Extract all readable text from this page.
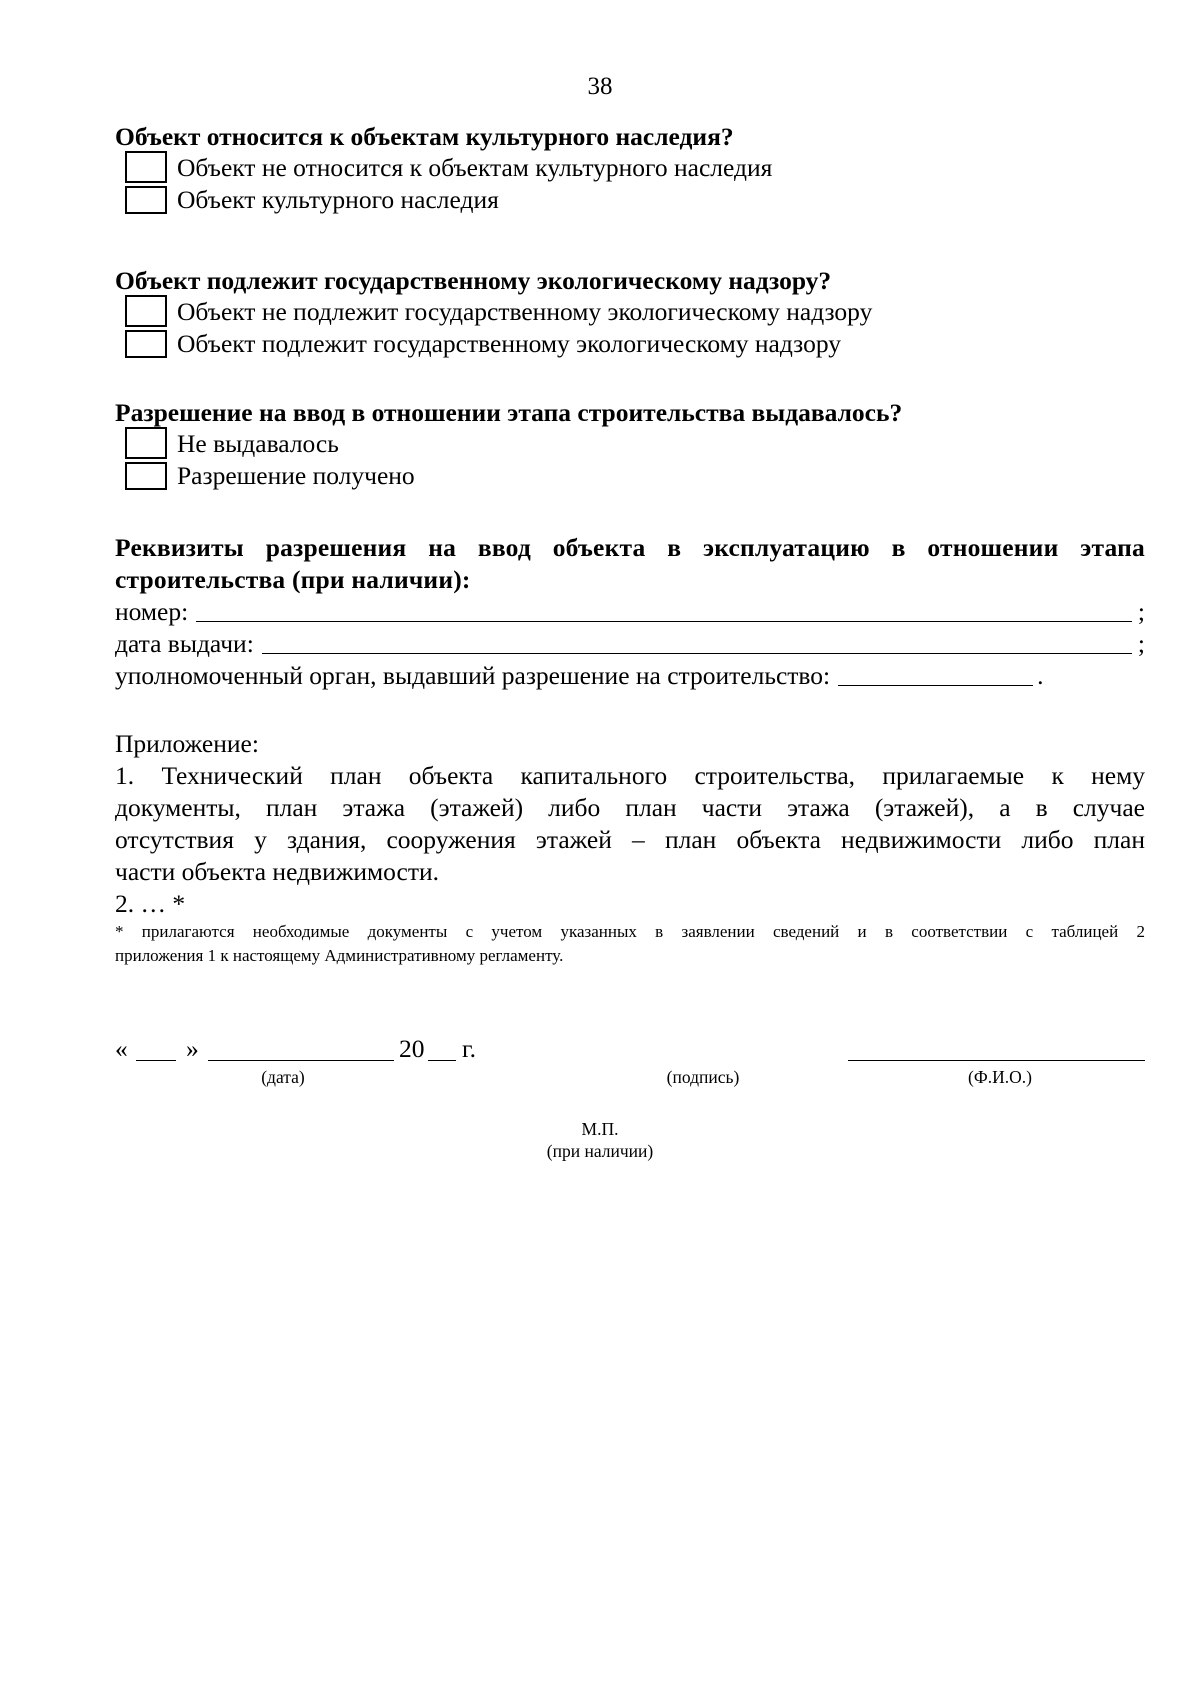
38
Объект относится к объектам культурного наследия?
Объект не относится к объектам культурного наследия
Объект культурного наследия
Объект подлежит государственному экологическому надзору?
Объект не подлежит государственному экологическому надзору
Объект подлежит государственному экологическому надзору
Разрешение на ввод в отношении этапа строительства выдавалось?
Не выдавалось
Разрешение получено
Реквизиты разрешения на ввод объекта в эксплуатацию в отношении этапа
строительства (при наличии):
номер:	;
дата выдачи:	;
уполномоченный орган, выдавший разрешение на строительство:	.
Приложение:
1. Технический план объекта капитального строительства, прилагаемые к нему
документы, план этажа (этажей) либо план части этажа (этажей), а в случае
отсутствия у здания, сооружения этажей – план объекта недвижимости либо план
части объекта недвижимости.
2. … *
* прилагаются необходимые документы с учетом указанных в заявлении сведений и в соответствии с таблицей 2
приложения 1 к настоящему Административному регламенту.
« »	20 г.
(дата)	(подпись)	(Ф.И.О.)
М.П.
(при наличии)
